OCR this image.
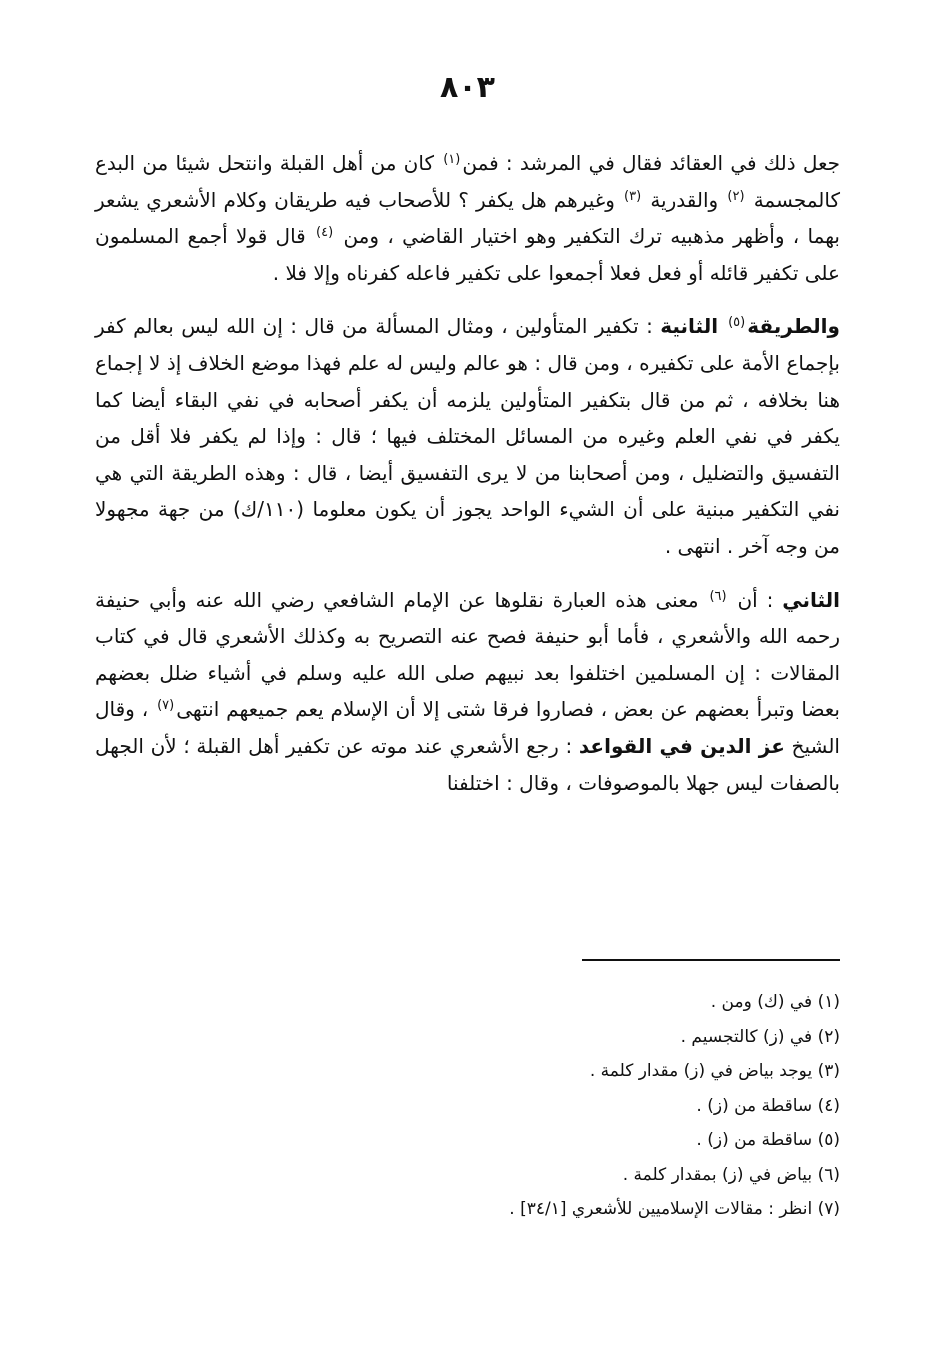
٨٠٣

جعل ذلك في العقائد فقال في المرشد : فمن$^{(١)}$ كان من أهل القبلة وانتحل شيئا من البدع كالمجسمة $^{(٢)}$ والقدرية $^{(٣)}$ وغيرهم هل يكفر ؟ للأصحاب فيه طريقان وكلام الأشعري يشعر بهما ، وأظهر مذهبيه ترك التكفير وهو اختيار القاضي ، ومن $^{(٤)}$ قال قولا أجمع المسلمون على تكفير قائله أو فعل فعلا أجمعوا على تكفير فاعله كفرناه وإلا فلا .

والطريقة$^{(٥)}$ الثانية : تكفير المتأولين ، ومثال المسألة من قال : إن الله ليس بعالم كفر بإجماع الأمة على تكفيره ، ومن قال : هو عالم وليس له علم فهذا موضع الخلاف إذ لا إجماع هنا بخلافه ، ثم من قال بتكفير المتأولين يلزمه أن يكفر أصحابه في نفي البقاء أيضا كما يكفر في نفي العلم وغيره من المسائل المختلف فيها ؛ قال : وإذا لم يكفر فلا أقل من التفسيق والتضليل ، ومن أصحابنا من لا يرى التفسيق أيضا ، قال : وهذه الطريقة التي هي نفي التكفير مبنية على أن الشيء الواحد يجوز أن يكون معلوما (١١٠/ك) من جهة مجهولا من وجه آخر . انتهى .

الثاني : أن $^{(٦)}$ معنى هذه العبارة نقلوها عن الإمام الشافعي رضي الله عنه وأبي حنيفة رحمه الله والأشعري ، فأما أبو حنيفة فصح عنه التصريح به وكذلك الأشعري قال في كتاب المقالات : إن المسلمين اختلفوا بعد نبيهم صلى الله عليه وسلم في أشياء ضلل بعضهم بعضا وتبرأ بعضهم عن بعض ، فصاروا فرقا شتى إلا أن الإسلام يعم جميعهم انتهى$^{(٧)}$ ، وقال الشيخ عز الدين في القواعد : رجع الأشعري عند موته عن تكفير أهل القبلة ؛ لأن الجهل بالصفات ليس جهلا بالموصوفات ، وقال : اختلفنا

(١) في (ك) ومن .
(٢) في (ز) كالتجسيم .
(٣) يوجد بياض في (ز) مقدار كلمة .
(٤) ساقطة من (ز) .
(٥) ساقطة من (ز) .
(٦) بياض في (ز) بمقدار كلمة .
(٧) انظر : مقالات الإسلاميين للأشعري [٣٤/١] .
